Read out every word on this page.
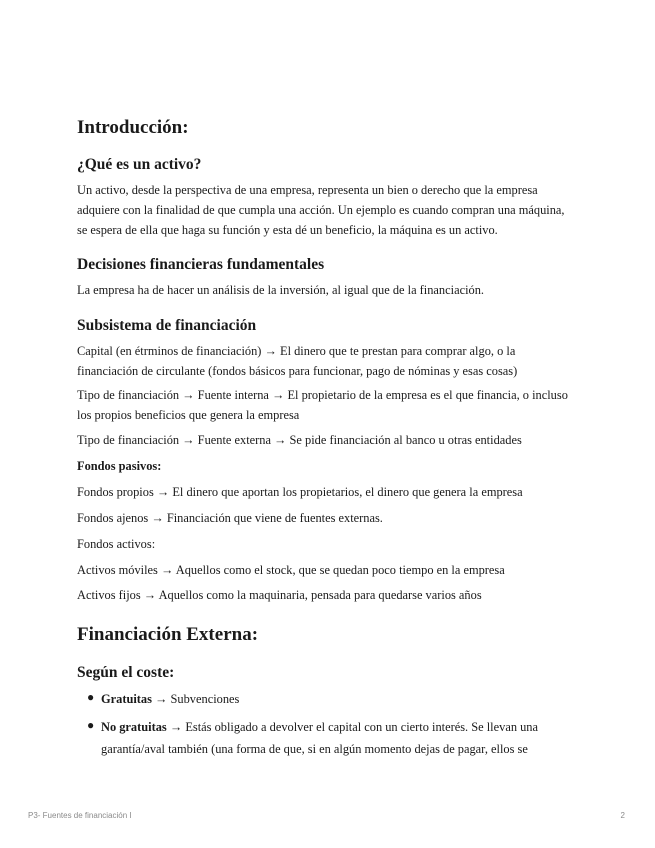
Introducción:
¿Qué es un activo?
Un activo, desde la perspectiva de una empresa, representa un bien o derecho que la empresa adquiere con la finalidad de que cumpla una acción. Un ejemplo es cuando compran una máquina, se espera de ella que haga su función y esta dé un beneficio, la máquina es un activo.
Decisiones financieras fundamentales
La empresa ha de hacer un análisis de la inversión, al igual que de la financiación.
Subsistema de financiación
Capital (en étrminos de financiación) → El dinero que te prestan para comprar algo, o la financiación de circulante (fondos básicos para funcionar, pago de nóminas y esas cosas)
Tipo de financiación → Fuente interna → El propietario de la empresa es el que financia, o incluso los propios beneficios que genera la empresa
Tipo de financiación → Fuente externa → Se pide financiación al banco u otras entidades
Fondos pasivos:
Fondos propios → El dinero que aportan los propietarios, el dinero que genera la empresa
Fondos ajenos → Financiación que viene de fuentes externas.
Fondos activos:
Activos móviles → Aquellos como el stock, que se quedan poco tiempo en la empresa
Activos fijos → Aquellos como la maquinaria, pensada para quedarse varios años
Financiación Externa:
Según el coste:
● Gratuitas → Subvenciones
● No gratuitas → Estás obligado a devolver el capital con un cierto interés. Se llevan una garantía/aval también (una forma de que, si en algún momento dejas de pagar, ellos se
P3- Fuentes de financiación I	2
